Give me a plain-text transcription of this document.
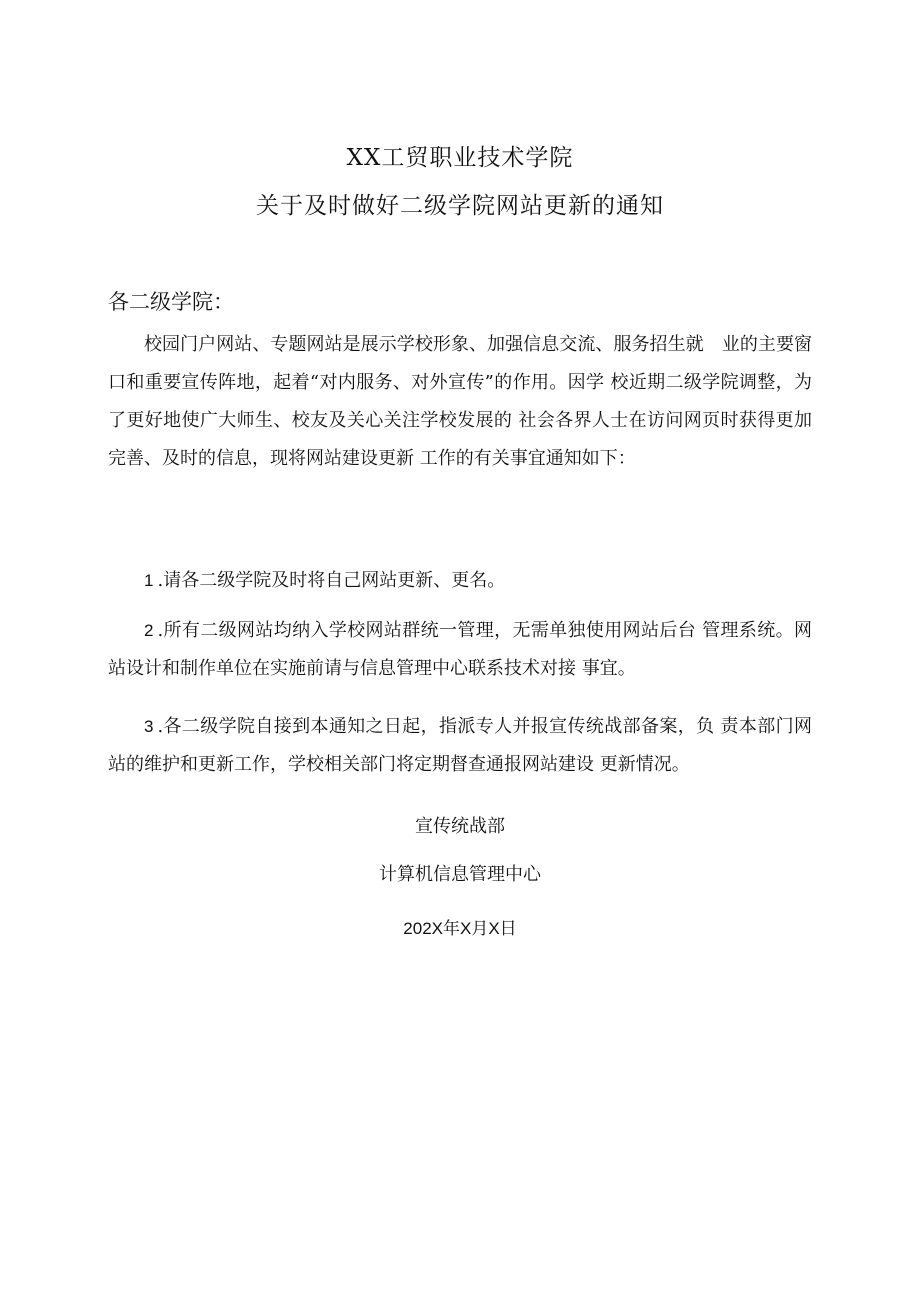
XX工贸职业技术学院
关于及时做好二级学院网站更新的通知
各二级学院：
校园门户网站、专题网站是展示学校形象、加强信息交流、服务招生就　业的主要窗口和重要宣传阵地，起着“对内服务、对外宣传”的作用。因学 校近期二级学院调整，为了更好地使广大师生、校友及关心关注学校发展的 社会各界人士在访问网页时获得更加完善、及时的信息，现将网站建设更新 工作的有关事宜通知如下：
1 .请各二级学院及时将自己网站更新、更名。
2 .所有二级网站均纳入学校网站群统一管理，无需单独使用网站后台 管理系统。网站设计和制作单位在实施前请与信息管理中心联系技术对接 事宜。
3 .各二级学院自接到本通知之日起，指派专人并报宣传统战部备案，负 责本部门网站的维护和更新工作，学校相关部门将定期督查通报网站建设 更新情况。
宣传统战部
计算机信息管理中心
202X年X月X日
